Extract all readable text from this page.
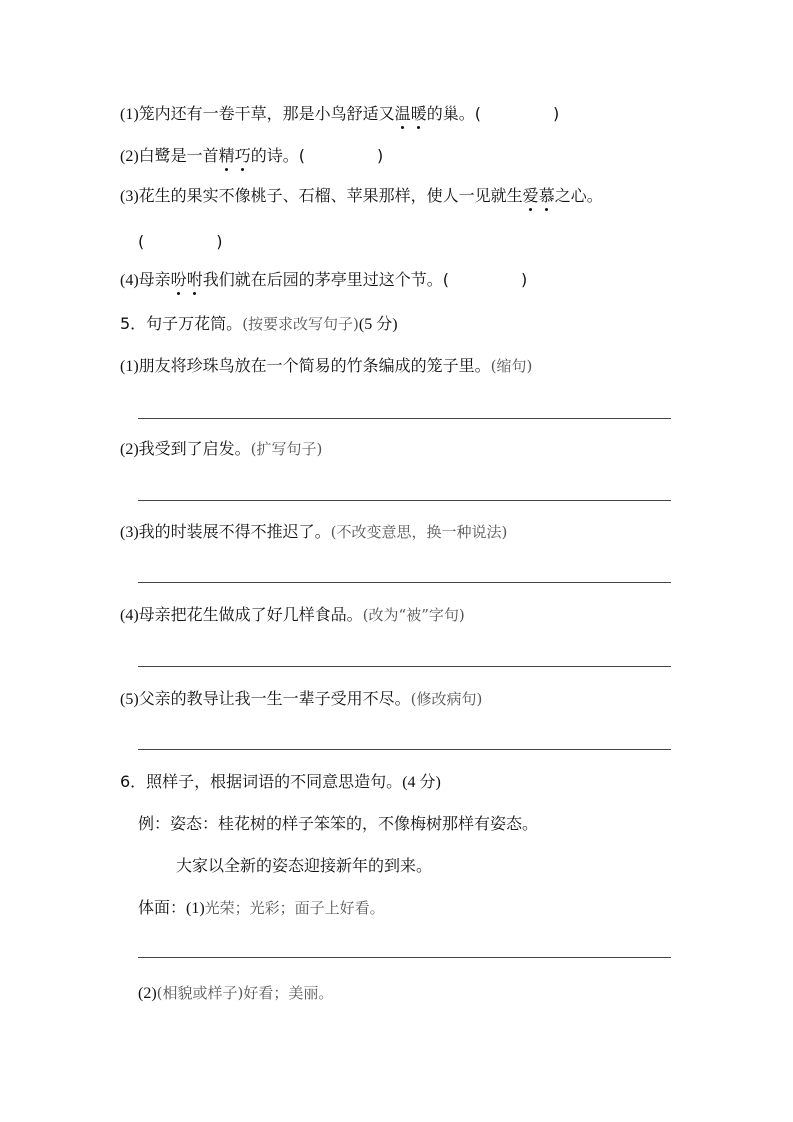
(1)笼内还有一卷干草，那是小鸟舒适又温暖的巢。(	)
(2)白鹭是一首精巧的诗。(	)
(3)花生的果实不像桃子、石榴、苹果那样，使人一见就生爱慕之心。
(	)
(4)母亲吩咐我们就在后园的茅亭里过这个节。(	)
5．句子万花筒。(按要求改写句子)(5 分)
(1)朋友将珍珠鸟放在一个简易的竹条编成的笼子里。(缩句)
(2)我受到了启发。(扩写句子)
(3)我的时装展不得不推迟了。(不改变意思，换一种说法)
(4)母亲把花生做成了好几样食品。(改为“被”字句)
(5)父亲的教导让我一生一辈子受用不尽。(修改病句)
6．照样子，根据词语的不同意思造句。(4 分)
例：姿态：桂花树的样子笨笨的，不像梅树那样有姿态。
大家以全新的姿态迎接新年的到来。
体面：(1)光荣；光彩；面子上好看。
(2)(相貌或样子)好看；美丽。
